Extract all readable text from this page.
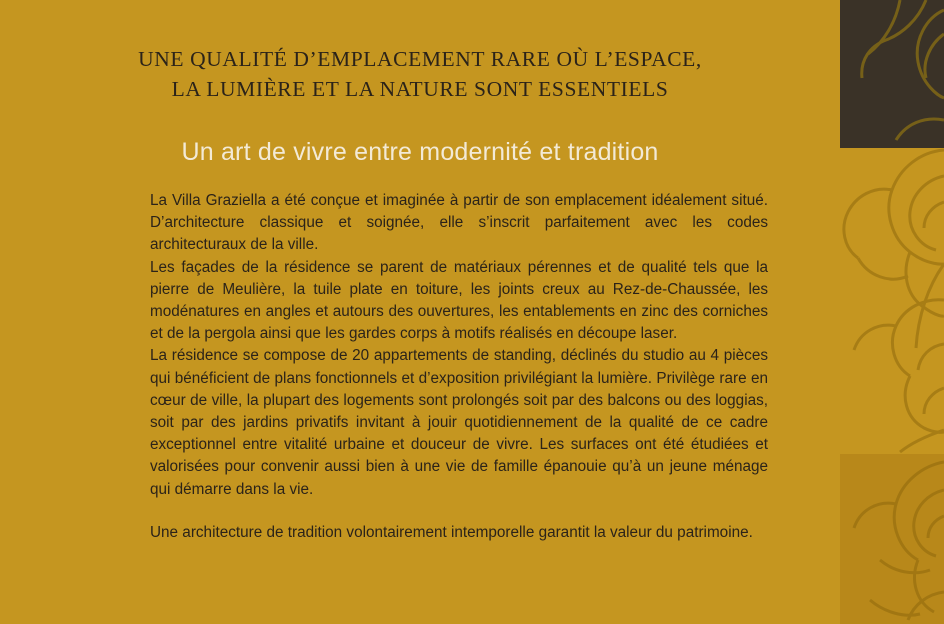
UNE QUALITÉ D’EMPLACEMENT RARE OÙ L’ESPACE,
LA LUMIÈRE ET LA NATURE SONT ESSENTIELS
Un art de vivre entre modernité et tradition

La Villa Graziella a été conçue et imaginée à partir de son emplacement idéalement situé. D’architecture classique et soignée, elle s’inscrit parfaitement avec les codes architecturaux de la ville.

Les façades de la résidence se parent de matériaux pérennes et de qualité tels que la pierre de Meulière, la tuile plate en toiture, les joints creux au Rez-de-Chaussée, les modénatures en angles et autours des ouvertures, les entablements en zinc des corniches et de la pergola ainsi que les gardes corps à motifs réalisés en découpe laser.

La résidence se compose de 20 appartements de standing, déclinés du studio au 4 pièces qui bénéficient de plans fonctionnels et d’exposition privilégiant la lumière. Privilège rare en cœur de ville, la plupart des logements sont prolongés soit par des balcons ou des loggias, soit par des jardins privatifs invitant à jouir quotidiennement de la qualité de ce cadre exceptionnel entre vitalité urbaine et douceur de vivre. Les surfaces ont été étudiées et valorisées pour convenir aussi bien à une vie de famille épanouie qu’à un jeune ménage qui démarre dans la vie.

Une architecture de tradition volontairement intemporelle garantit la valeur du patrimoine.
